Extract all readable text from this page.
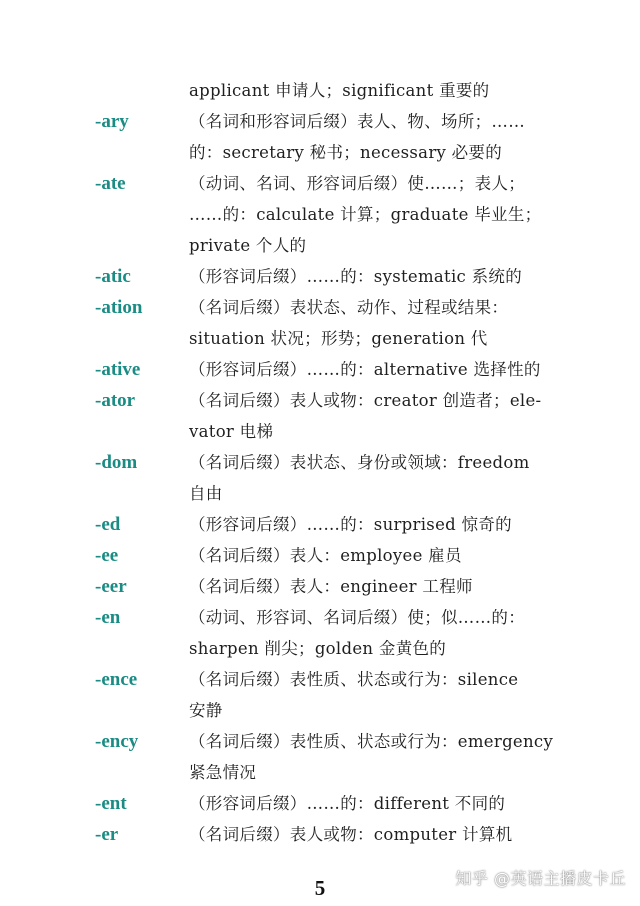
applicant 申请人；significant 重要的
-ary	（名词和形容词后缀）表人、物、场所；……
的：secretary 秘书；necessary 必要的
-ate	（动词、名词、形容词后缀）使……；表人；
……的：calculate 计算；graduate 毕业生；
private 个人的
-atic	（形容词后缀）……的：systematic 系统的
-ation	（名词后缀）表状态、动作、过程或结果：
situation 状况；形势；generation 代
-ative	（形容词后缀）……的：alternative 选择性的
-ator	（名词后缀）表人或物：creator 创造者；ele-
vator 电梯
-dom	（名词后缀）表状态、身份或领域：freedom
自由
-ed	（形容词后缀）……的：surprised 惊奇的
-ee	（名词后缀）表人：employee 雇员
-eer	（名词后缀）表人：engineer 工程师
-en	（动词、形容词、名词后缀）使；似……的：
sharpen 削尖；golden 金黄色的
-ence	（名词后缀）表性质、状态或行为：silence
安静
-ency	（名词后缀）表性质、状态或行为：emergency
紧急情况
-ent	（形容词后缀）……的：different 不同的
-er	（名词后缀）表人或物：computer 计算机
5	知乎 @英语主播皮卡丘
